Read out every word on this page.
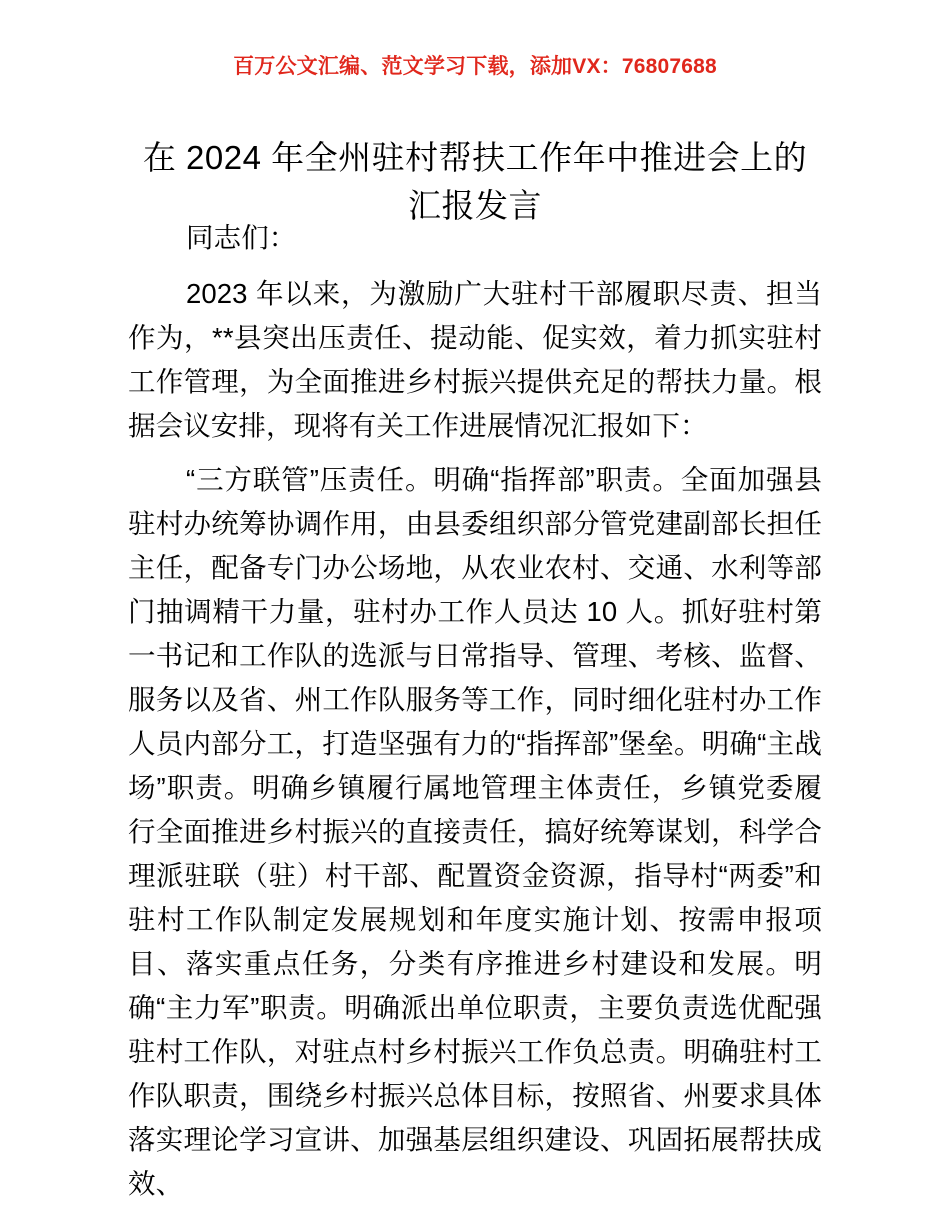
百万公文汇编、范文学习下载，添加VX：76807688
在 2024 年全州驻村帮扶工作年中推进会上的汇报发言

同志们：

2023 年以来，为激励广大驻村干部履职尽责、担当作为，**县突出压责任、提动能、促实效，着力抓实驻村工作管理，为全面推进乡村振兴提供充足的帮扶力量。根据会议安排，现将有关工作进展情况汇报如下：

“三方联管”压责任。明确“指挥部”职责。全面加强县驻村办统筹协调作用，由县委组织部分管党建副部长担任主任，配备专门办公场地，从农业农村、交通、水利等部门抽调精干力量，驻村办工作人员达 10 人。抓好驻村第一书记和工作队的选派与日常指导、管理、考核、监督、服务以及省、州工作队服务等工作，同时细化驻村办工作人员内部分工，打造坚强有力的“指挥部”堡垒。明确“主战场”职责。明确乡镇履行属地管理主体责任，乡镇党委履行全面推进乡村振兴的直接责任，搞好统筹谋划，科学合理派驻联（驻）村干部、配置资金资源，指导村“两委”和驻村工作队制定发展规划和年度实施计划、按需申报项目、落实重点任务，分类有序推进乡村建设和发展。明确“主力军”职责。明确派出单位职责，主要负责选优配强驻村工作队，对驻点村乡村振兴工作负总责。明确驻村工作队职责，围绕乡村振兴总体目标，按照省、州要求具体落实理论学习宣讲、加强基层组织建设、巩固拓展帮扶成效、
